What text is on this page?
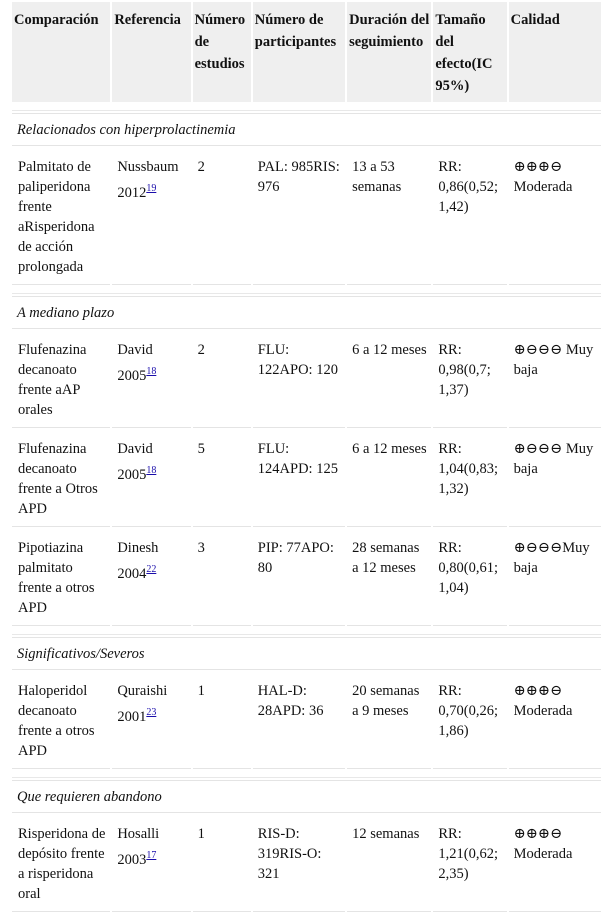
Comparación	Referencia	Número de estudios	Número de participantes	Duración del seguimiento	Tamaño del efecto(IC 95%)	Calidad

Relacionados con hiperprolactinemia						
Palmitato de paliperidona frente aRisperidona de acción prolongada	Nussbaum 2012$^{19}$	2	PAL: 985RIS: 976	13 a 53 semanas	RR: 0,86(0,52; 1,42)	⊕⊕⊕⊖ Moderada

A mediano plazo						
Flufenazina decanoato frente aAP orales	David 2005$^{18}$	2	FLU: 122APO: 120	6 a 12 meses	RR: 0,98(0,7; 1,37)	⊕⊖⊖⊖ Muy baja
Flufenazina decanoato frente a Otros APD	David 2005$^{18}$	5	FLU: 124APD: 125	6 a 12 meses	RR: 1,04(0,83; 1,32)	⊕⊖⊖⊖ Muy baja
Pipotiazina palmitato frente a otros APD	Dinesh 2004$^{22}$	3	PIP: 77APO: 80	28 semanas a 12 meses	RR: 0,80(0,61; 1,04)	⊕⊖⊖⊖Muy baja

Significativos/Severos						
Haloperidol decanoato frente a otros APD	Quraishi 2001$^{23}$	1	HAL-D: 28APD: 36	20 semanas a 9 meses	RR: 0,70(0,26; 1,86)	⊕⊕⊕⊖ Moderada

Que requieren abandono						
Risperidona de depósito frente a risperidona oral	Hosalli 2003$^{17}$	1	RIS-D: 319RIS-O: 321	12 semanas	RR: 1,21(0,62; 2,35)	⊕⊕⊕⊖ Moderada
